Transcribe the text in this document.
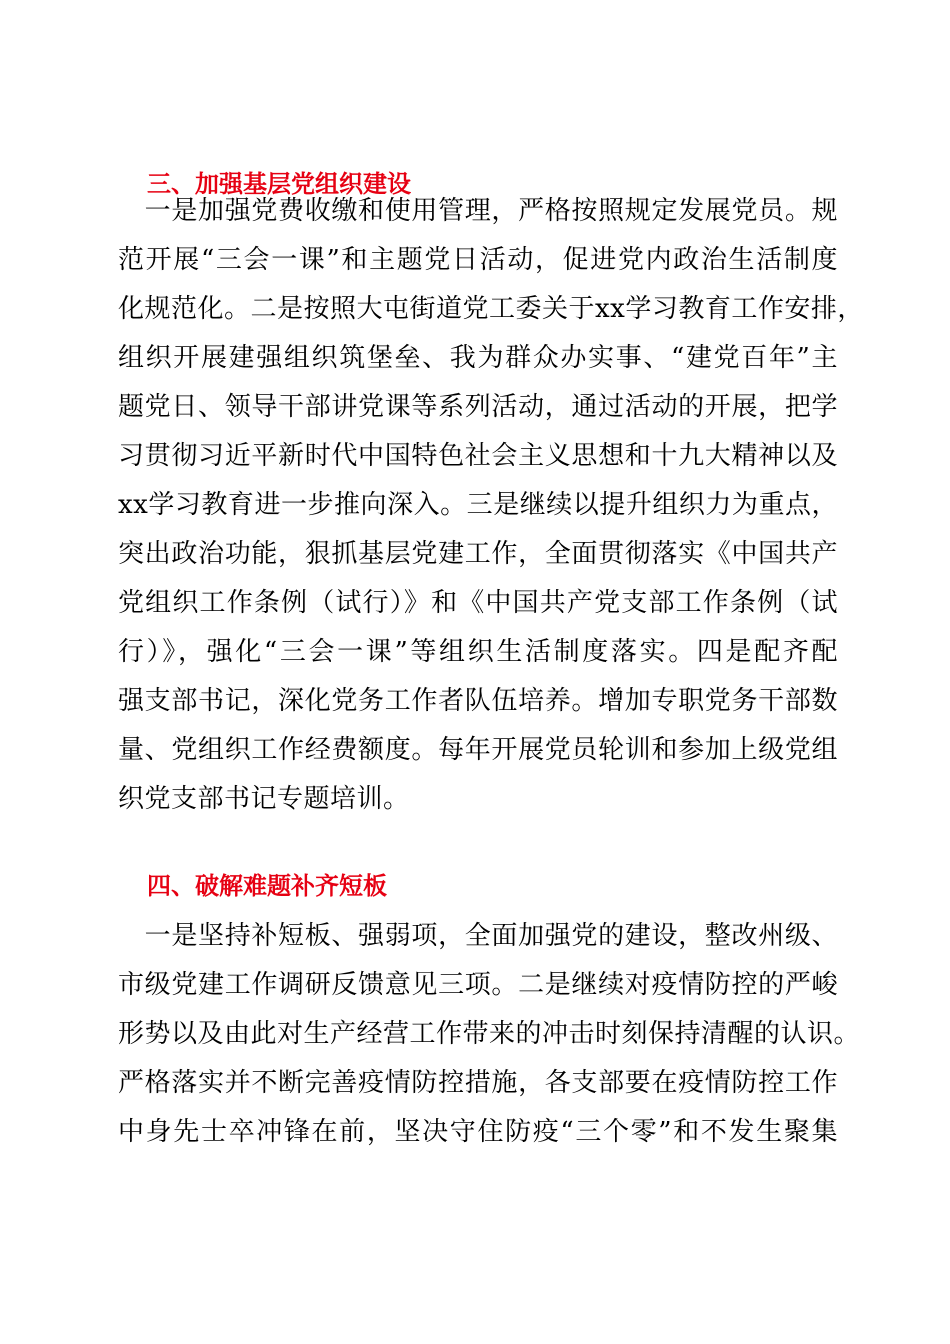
三、加强基层党组织建设
　一是加强党费收缴和使用管理，严格按照规定发展党员。规
范开展“三会一课”和主题党日活动，促进党内政治生活制度
化规范化。二是按照大屯街道党工委关于xx学习教育工作安排，
组织开展建强组织筑堡垒、我为群众办实事、“建党百年”主
题党日、领导干部讲党课等系列活动，通过活动的开展，把学
习贯彻习近平新时代中国特色社会主义思想和十九大精神以及
xx学习教育进一步推向深入。三是继续以提升组织力为重点，
突出政治功能，狠抓基层党建工作，全面贯彻落实《中国共产
党组织工作条例（试行）》和《中国共产党支部工作条例（试
行）》，强化“三会一课”等组织生活制度落实。四是配齐配
强支部书记，深化党务工作者队伍培养。增加专职党务干部数
量、党组织工作经费额度。每年开展党员轮训和参加上级党组
织党支部书记专题培训。
四、破解难题补齐短板
　一是坚持补短板、强弱项，全面加强党的建设，整改州级、
市级党建工作调研反馈意见三项。二是继续对疫情防控的严峻
形势以及由此对生产经营工作带来的冲击时刻保持清醒的认识。
严格落实并不断完善疫情防控措施，各支部要在疫情防控工作
中身先士卒冲锋在前，坚决守住防疫“三个零”和不发生聚集
